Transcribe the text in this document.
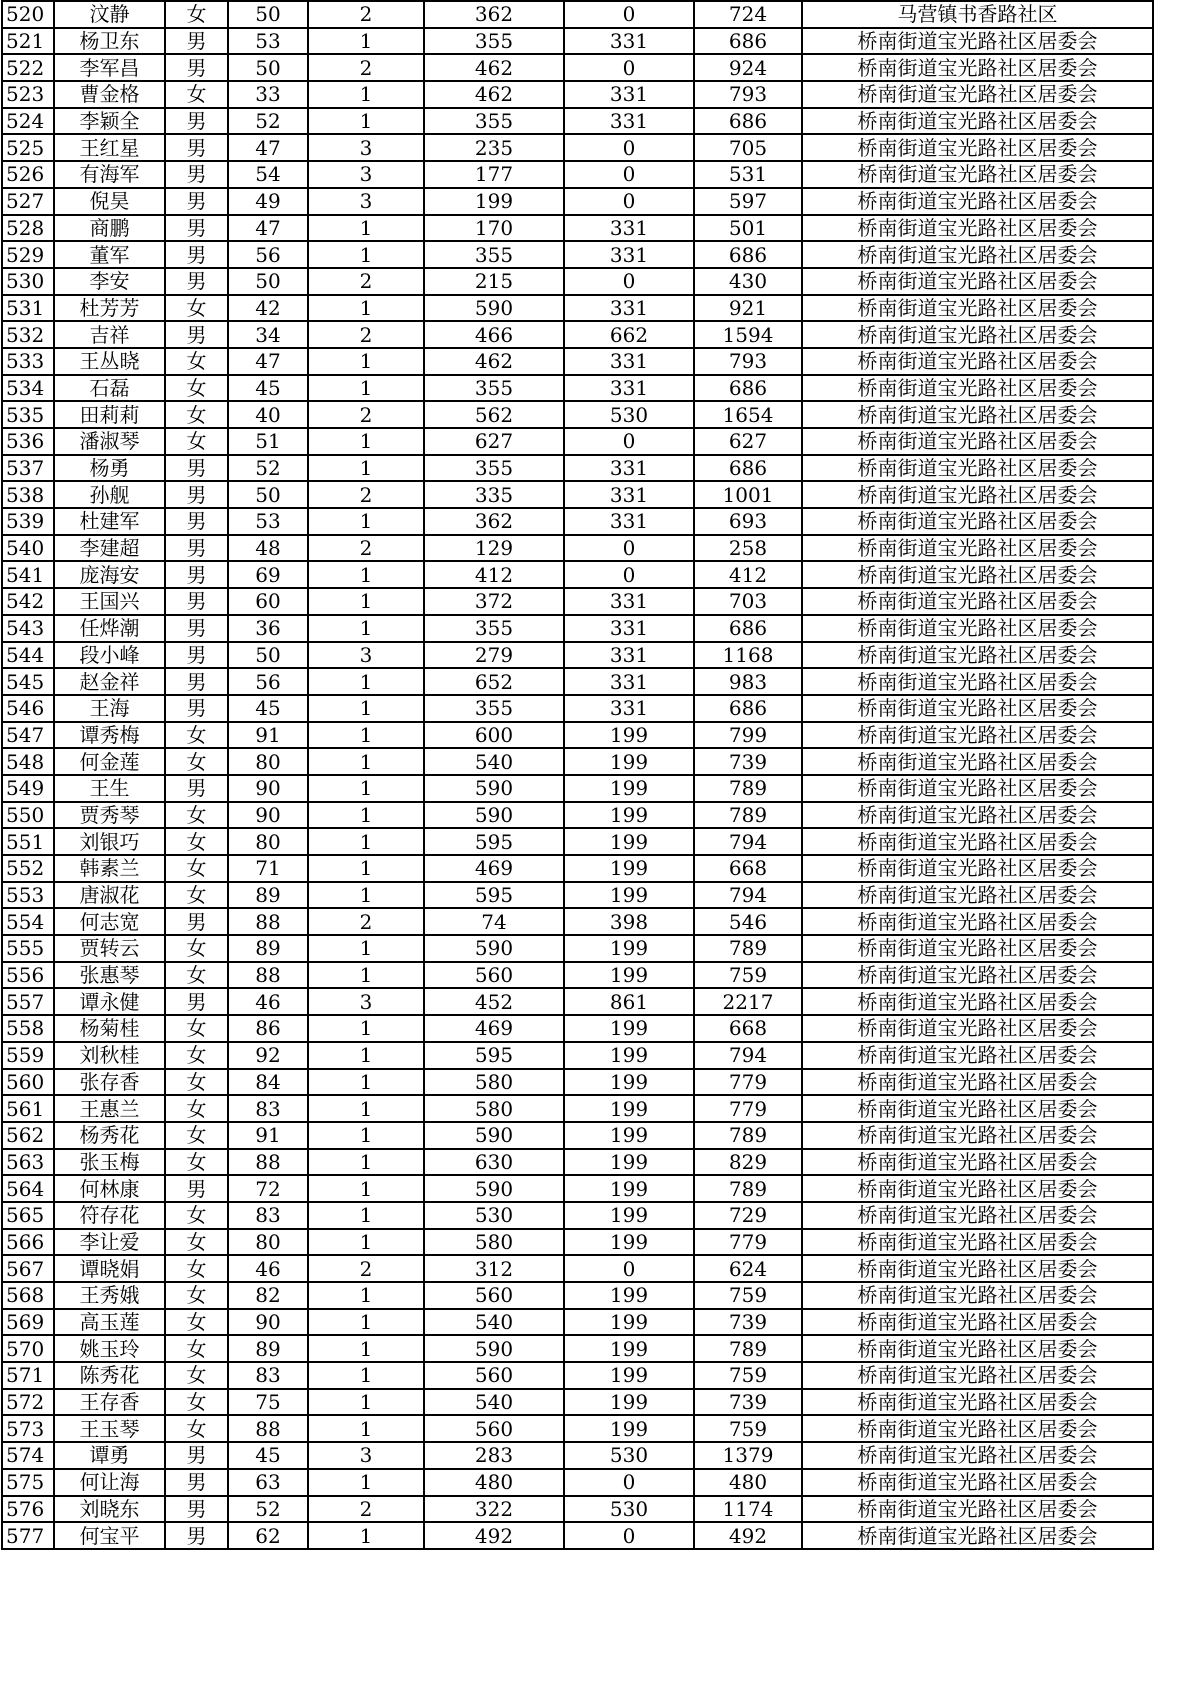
520	汶静	女	50	2	362	0	724	马营镇书香路社区
521	杨卫东	男	53	1	355	331	686	桥南街道宝光路社区居委会
522	李军昌	男	50	2	462	0	924	桥南街道宝光路社区居委会
523	曹金格	女	33	1	462	331	793	桥南街道宝光路社区居委会
524	李颖全	男	52	1	355	331	686	桥南街道宝光路社区居委会
525	王红星	男	47	3	235	0	705	桥南街道宝光路社区居委会
526	有海军	男	54	3	177	0	531	桥南街道宝光路社区居委会
527	倪昊	男	49	3	199	0	597	桥南街道宝光路社区居委会
528	商鹏	男	47	1	170	331	501	桥南街道宝光路社区居委会
529	董军	男	56	1	355	331	686	桥南街道宝光路社区居委会
530	李安	男	50	2	215	0	430	桥南街道宝光路社区居委会
531	杜芳芳	女	42	1	590	331	921	桥南街道宝光路社区居委会
532	吉祥	男	34	2	466	662	1594	桥南街道宝光路社区居委会
533	王丛晓	女	47	1	462	331	793	桥南街道宝光路社区居委会
534	石磊	女	45	1	355	331	686	桥南街道宝光路社区居委会
535	田莉莉	女	40	2	562	530	1654	桥南街道宝光路社区居委会
536	潘淑琴	女	51	1	627	0	627	桥南街道宝光路社区居委会
537	杨勇	男	52	1	355	331	686	桥南街道宝光路社区居委会
538	孙舰	男	50	2	335	331	1001	桥南街道宝光路社区居委会
539	杜建军	男	53	1	362	331	693	桥南街道宝光路社区居委会
540	李建超	男	48	2	129	0	258	桥南街道宝光路社区居委会
541	庞海安	男	69	1	412	0	412	桥南街道宝光路社区居委会
542	王国兴	男	60	1	372	331	703	桥南街道宝光路社区居委会
543	任烨潮	男	36	1	355	331	686	桥南街道宝光路社区居委会
544	段小峰	男	50	3	279	331	1168	桥南街道宝光路社区居委会
545	赵金祥	男	56	1	652	331	983	桥南街道宝光路社区居委会
546	王海	男	45	1	355	331	686	桥南街道宝光路社区居委会
547	谭秀梅	女	91	1	600	199	799	桥南街道宝光路社区居委会
548	何金莲	女	80	1	540	199	739	桥南街道宝光路社区居委会
549	王生	男	90	1	590	199	789	桥南街道宝光路社区居委会
550	贾秀琴	女	90	1	590	199	789	桥南街道宝光路社区居委会
551	刘银巧	女	80	1	595	199	794	桥南街道宝光路社区居委会
552	韩素兰	女	71	1	469	199	668	桥南街道宝光路社区居委会
553	唐淑花	女	89	1	595	199	794	桥南街道宝光路社区居委会
554	何志宽	男	88	2	74	398	546	桥南街道宝光路社区居委会
555	贾转云	女	89	1	590	199	789	桥南街道宝光路社区居委会
556	张惠琴	女	88	1	560	199	759	桥南街道宝光路社区居委会
557	谭永健	男	46	3	452	861	2217	桥南街道宝光路社区居委会
558	杨菊桂	女	86	1	469	199	668	桥南街道宝光路社区居委会
559	刘秋桂	女	92	1	595	199	794	桥南街道宝光路社区居委会
560	张存香	女	84	1	580	199	779	桥南街道宝光路社区居委会
561	王惠兰	女	83	1	580	199	779	桥南街道宝光路社区居委会
562	杨秀花	女	91	1	590	199	789	桥南街道宝光路社区居委会
563	张玉梅	女	88	1	630	199	829	桥南街道宝光路社区居委会
564	何林康	男	72	1	590	199	789	桥南街道宝光路社区居委会
565	符存花	女	83	1	530	199	729	桥南街道宝光路社区居委会
566	李让爱	女	80	1	580	199	779	桥南街道宝光路社区居委会
567	谭晓娟	女	46	2	312	0	624	桥南街道宝光路社区居委会
568	王秀娥	女	82	1	560	199	759	桥南街道宝光路社区居委会
569	高玉莲	女	90	1	540	199	739	桥南街道宝光路社区居委会
570	姚玉玲	女	89	1	590	199	789	桥南街道宝光路社区居委会
571	陈秀花	女	83	1	560	199	759	桥南街道宝光路社区居委会
572	王存香	女	75	1	540	199	739	桥南街道宝光路社区居委会
573	王玉琴	女	88	1	560	199	759	桥南街道宝光路社区居委会
574	谭勇	男	45	3	283	530	1379	桥南街道宝光路社区居委会
575	何让海	男	63	1	480	0	480	桥南街道宝光路社区居委会
576	刘晓东	男	52	2	322	530	1174	桥南街道宝光路社区居委会
577	何宝平	男	62	1	492	0	492	桥南街道宝光路社区居委会
